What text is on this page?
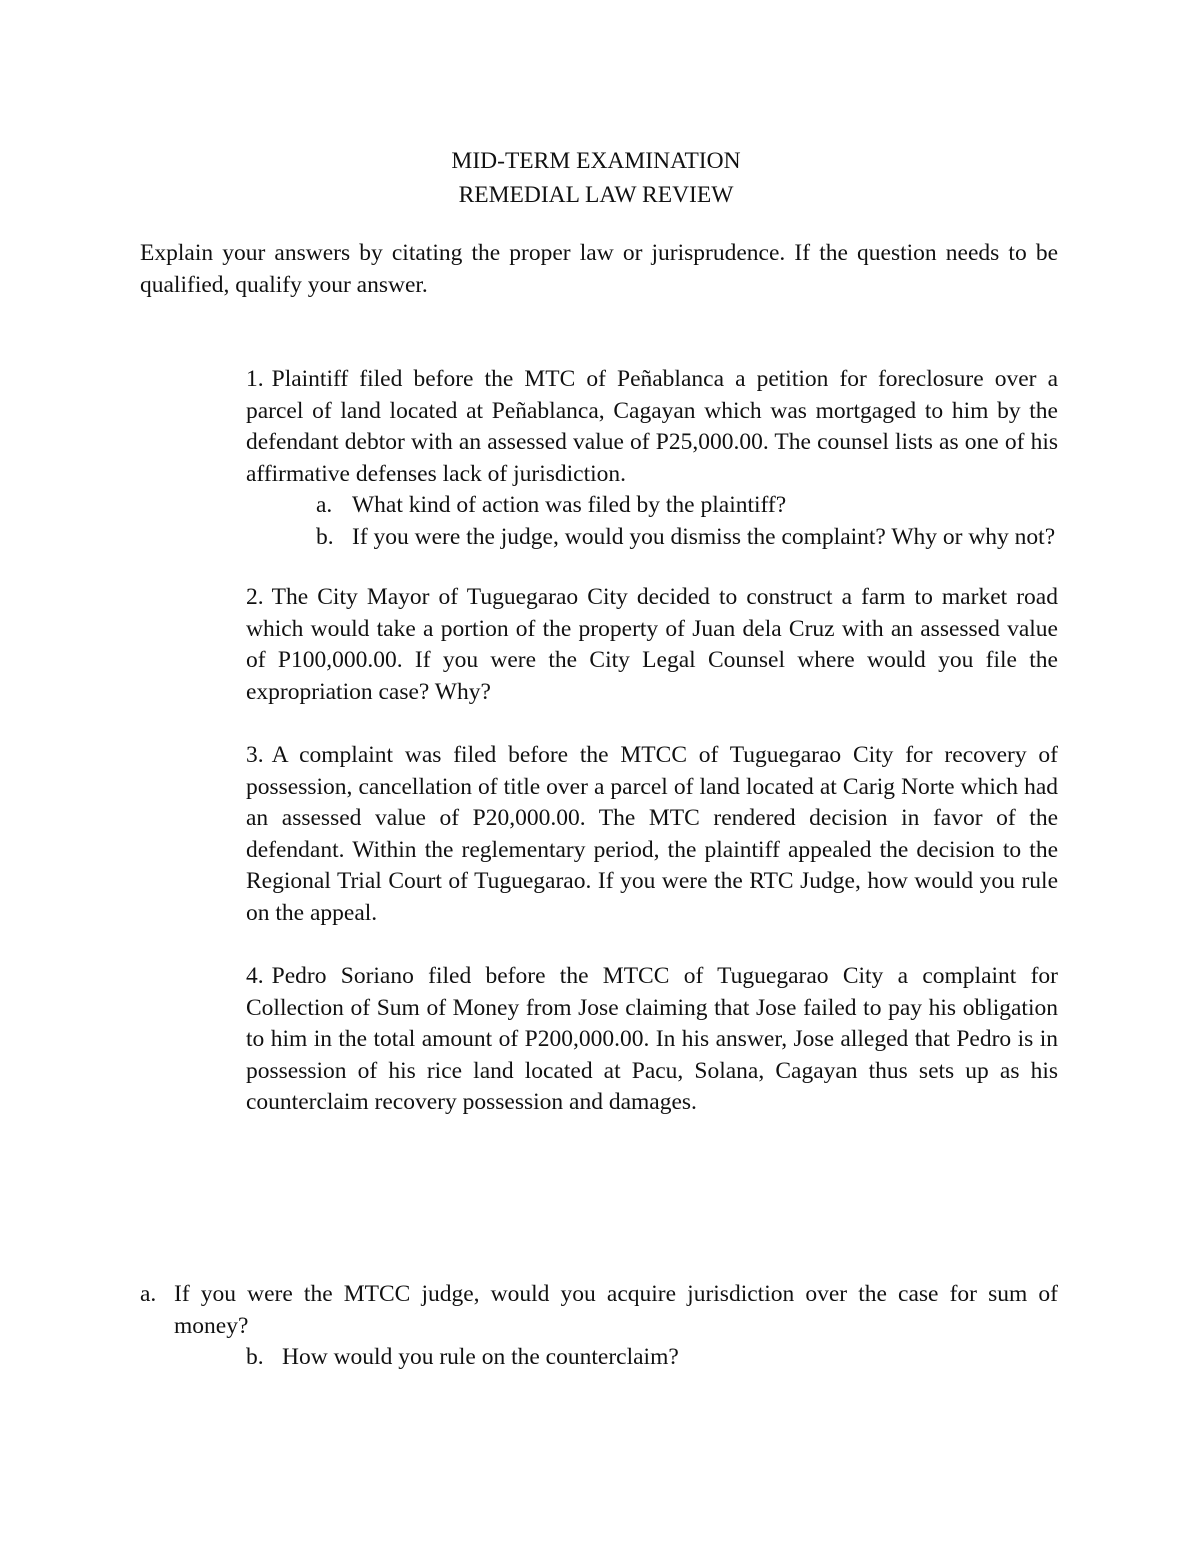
MID-TERM EXAMINATION
REMEDIAL LAW REVIEW
Explain your answers by citating the proper law or jurisprudence. If the question needs to be qualified, qualify your answer.
1. Plaintiff filed before the MTC of Peñablanca a petition for foreclosure over a parcel of land located at Peñablanca, Cagayan which was mortgaged to him by the defendant debtor with an assessed value of P25,000.00. The counsel lists as one of his affirmative defenses lack of jurisdiction.
a. What kind of action was filed by the plaintiff?
b. If you were the judge, would you dismiss the complaint? Why or why not?
2. The City Mayor of Tuguegarao City decided to construct a farm to market road which would take a portion of the property of Juan dela Cruz with an assessed value of P100,000.00. If you were the City Legal Counsel where would you file the expropriation case? Why?
3. A complaint was filed before the MTCC of Tuguegarao City for recovery of possession, cancellation of title over a parcel of land located at Carig Norte which had an assessed value of P20,000.00. The MTC rendered decision in favor of the defendant. Within the reglementary period, the plaintiff appealed the decision to the Regional Trial Court of Tuguegarao. If you were the RTC Judge, how would you rule on the appeal.
4. Pedro Soriano filed before the MTCC of Tuguegarao City a complaint for Collection of Sum of Money from Jose claiming that Jose failed to pay his obligation to him in the total amount of P200,000.00. In his answer, Jose alleged that Pedro is in possession of his rice land located at Pacu, Solana, Cagayan thus sets up as his counterclaim recovery possession and damages.
a. If you were the MTCC judge, would you acquire jurisdiction over the case for sum of money?
b. How would you rule on the counterclaim?
